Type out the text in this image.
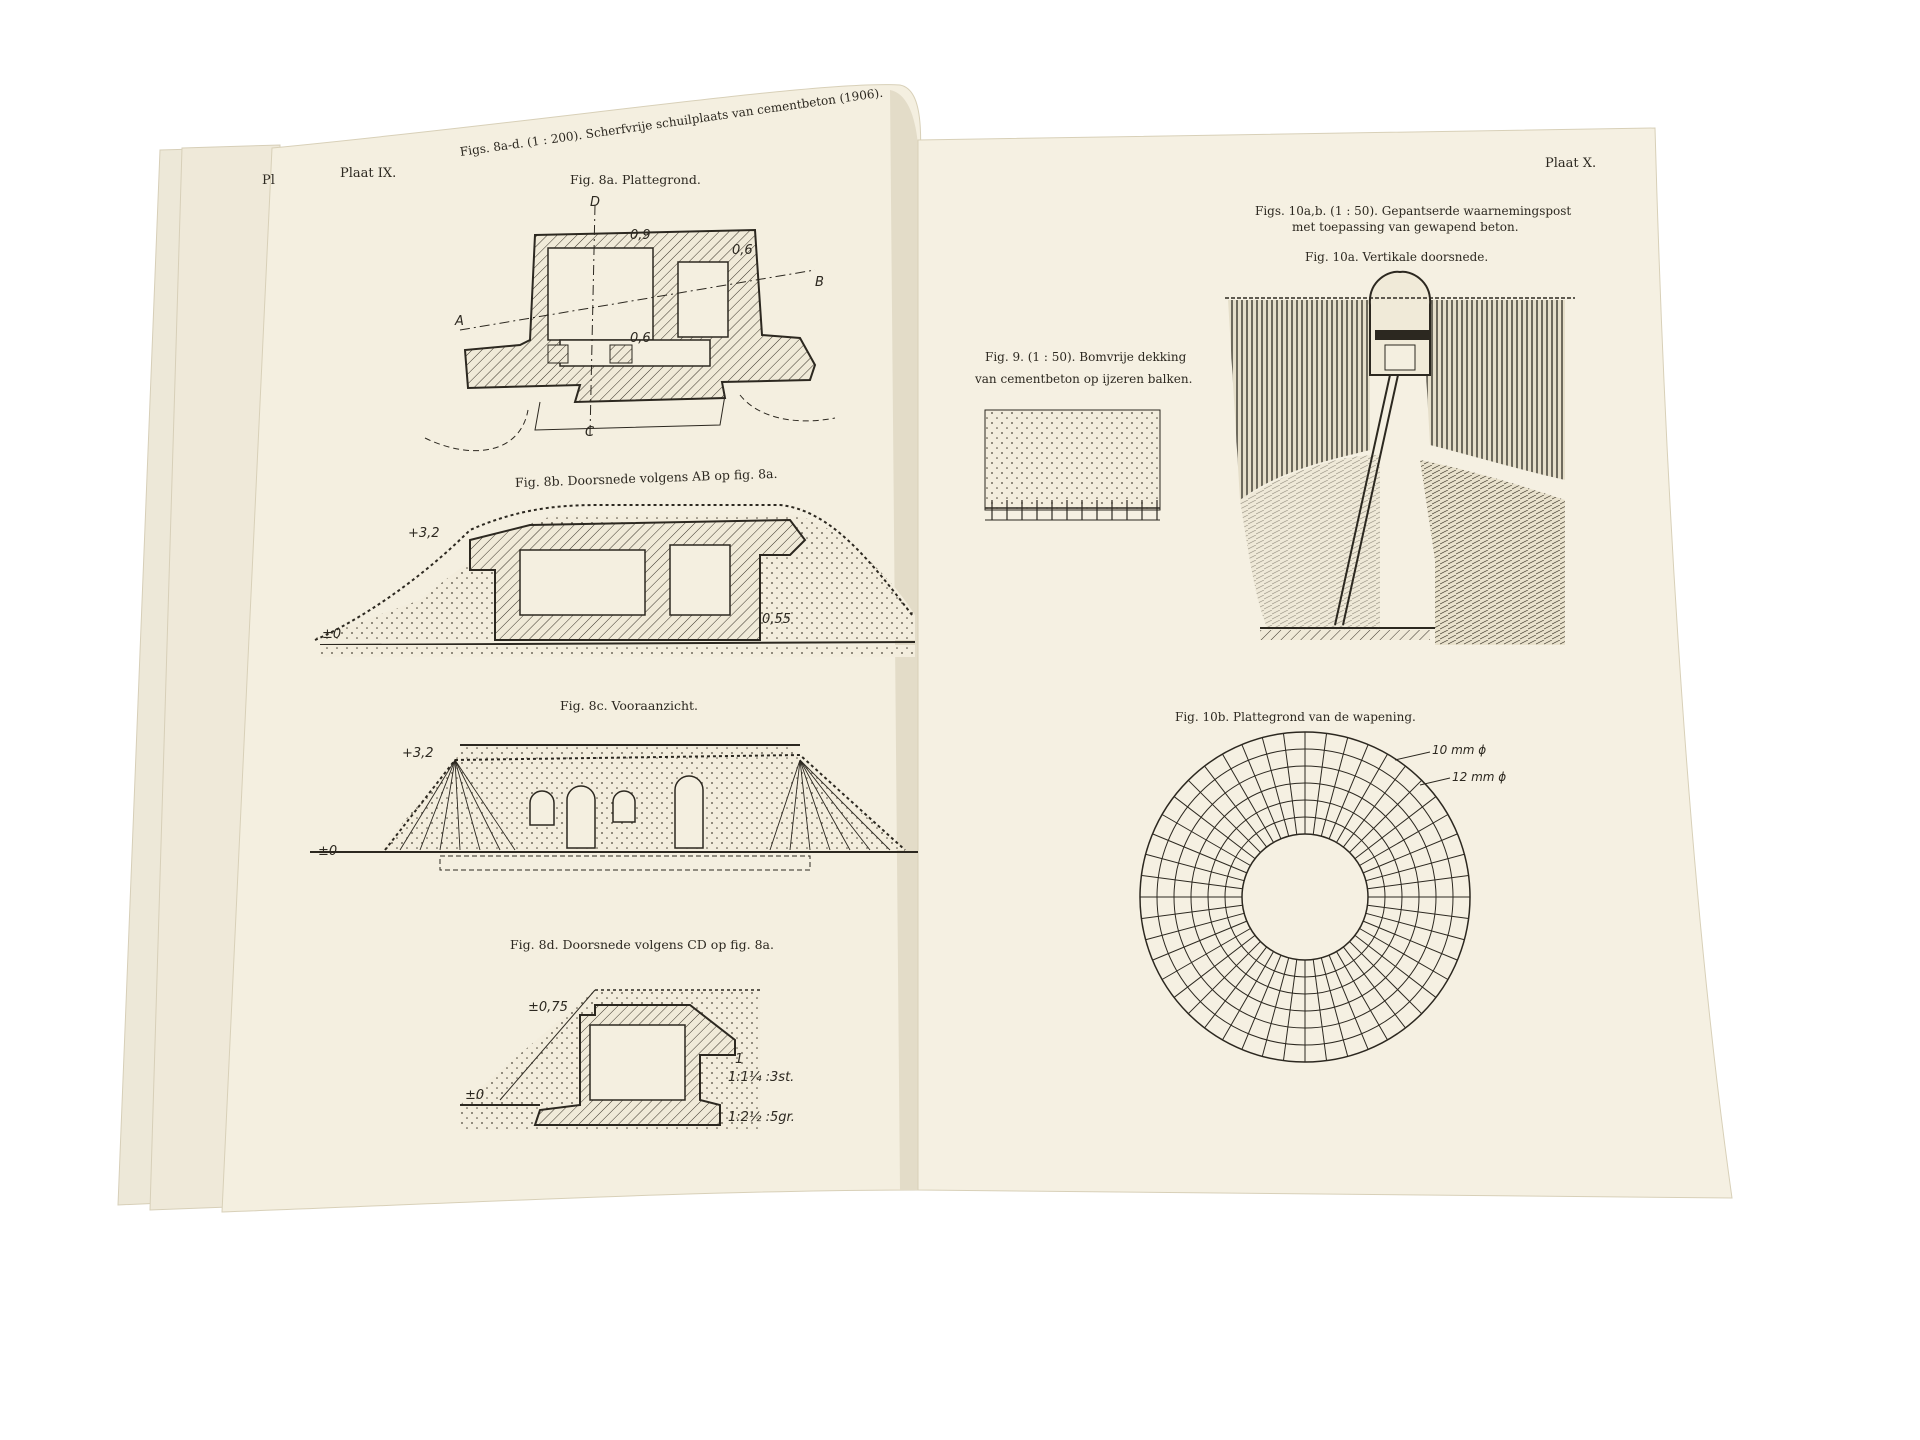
Pl	Plaat IX.
Figs. 8a-d. (1 : 200). Scherfvrije schuilplaats van cementbeton (1906).
Fig. 8a. Plattegrond.
0,9
0,6
0,6
A
B
C
D
Fig. 8b. Doorsnede volgens AB op fig. 8a.
+3,2
0,55
±0
Fig. 8c. Vooraanzicht.
+3,2
±0
Fig. 8d. Doorsnede volgens CD op fig. 8a.
±0,75
1
±0
1:1¼ :3st.
1:2½ :5gr.
Plaat X.
Figs. 10a,b. (1 : 50). Gepantserde waarnemingspost
met toepassing van gewapend beton.
Fig. 10a. Vertikale doorsnede.
Fig. 9. (1 : 50). Bomvrije dekking
van cementbeton op ijzeren balken.
Fig. 10b. Plattegrond van de wapening.
10 mm ϕ
12 mm ϕ
